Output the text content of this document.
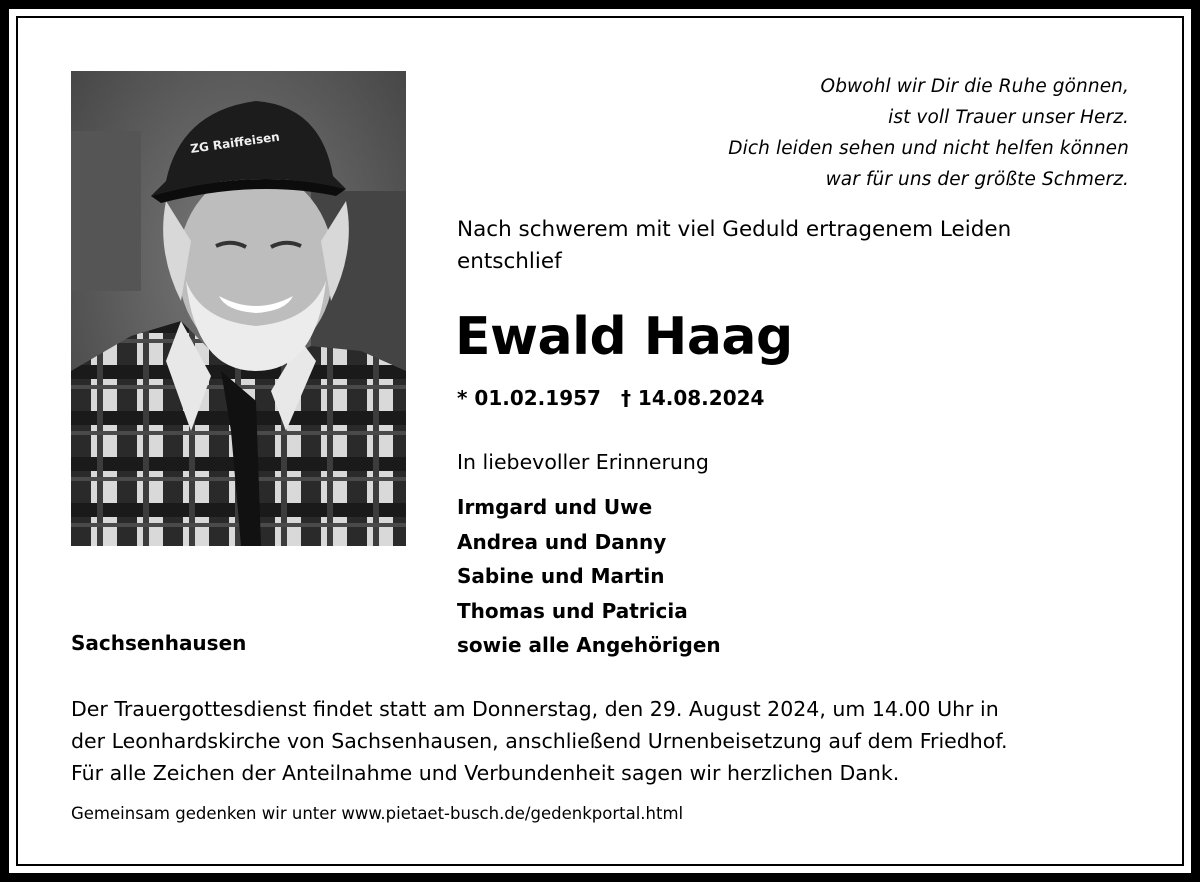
ZG Raiffeisen
Obwohl wir Dir die Ruhe gönnen,
ist voll Trauer unser Herz.
Dich leiden sehen und nicht helfen können
war für uns der größte Schmerz.
Nach schwerem mit viel Geduld ertragenem Leiden
entschlief
Ewald Haag
* 01.02.1957 † 14.08.2024
In liebevoller Erinnerung
Irmgard und Uwe
Andrea und Danny
Sabine und Martin
Thomas und Patricia
sowie alle Angehörigen
Sachsenhausen
Der Trauergottesdienst findet statt am Donnerstag, den 29. August 2024, um 14.00 Uhr in
der Leonhardskirche von Sachsenhausen, anschließend Urnenbeisetzung auf dem Friedhof.
Für alle Zeichen der Anteilnahme und Verbundenheit sagen wir herzlichen Dank.
Gemeinsam gedenken wir unter www.pietaet-busch.de/gedenkportal.html
